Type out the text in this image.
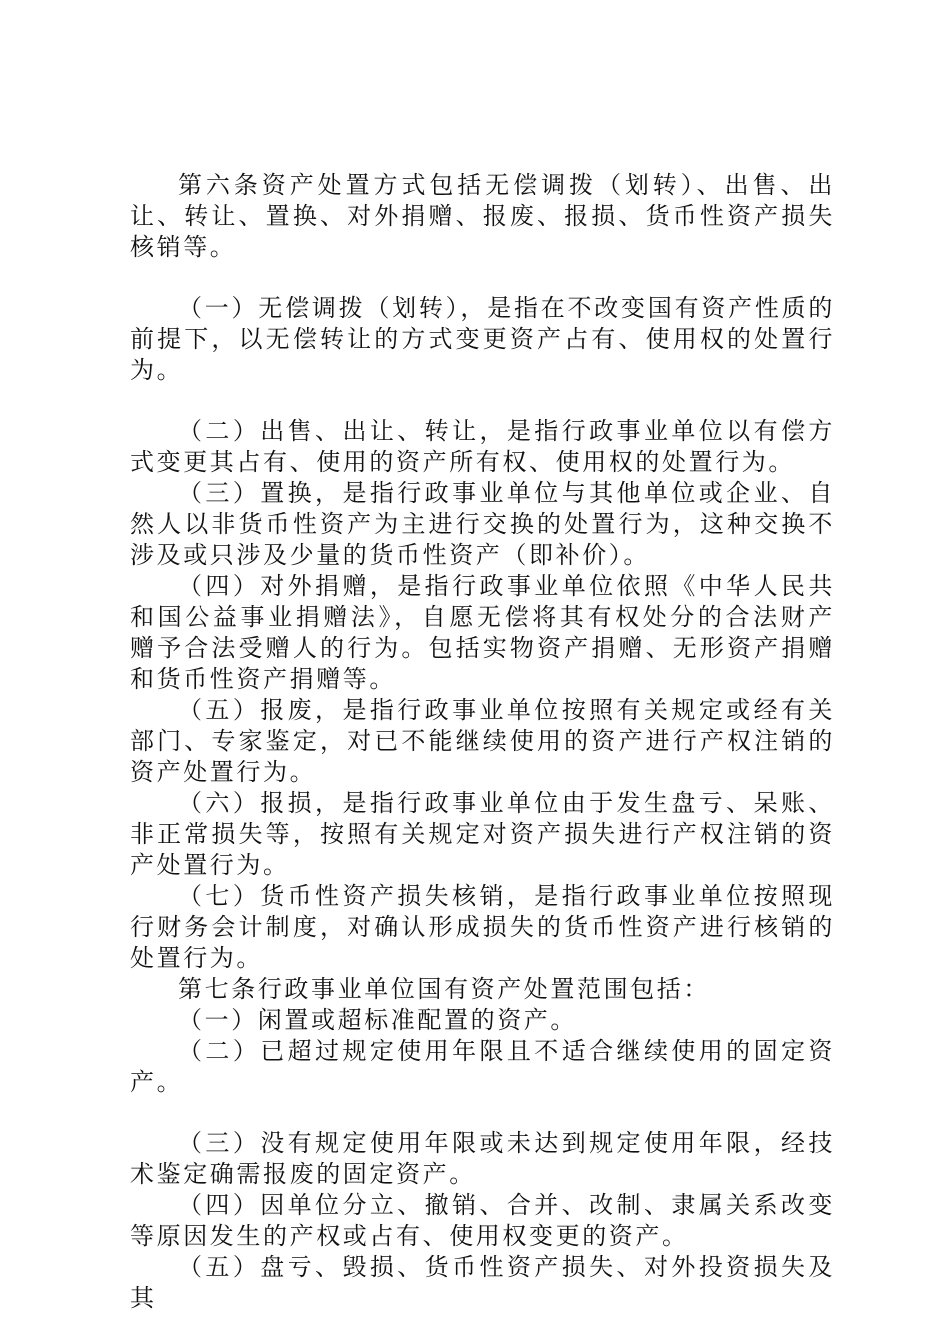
第六条资产处置方式包括无偿调拨（划转）、出售、出让、转让、置换、对外捐赠、报废、报损、货币性资产损失核销等。

（一）无偿调拨（划转），是指在不改变国有资产性质的前提下，以无偿转让的方式变更资产占有、使用权的处置行为。

（二）出售、出让、转让，是指行政事业单位以有偿方式变更其占有、使用的资产所有权、使用权的处置行为。

（三）置换，是指行政事业单位与其他单位或企业、自然人以非货币性资产为主进行交换的处置行为，这种交换不涉及或只涉及少量的货币性资产（即补价）。

（四）对外捐赠，是指行政事业单位依照《中华人民共和国公益事业捐赠法》，自愿无偿将其有权处分的合法财产赠予合法受赠人的行为。包括实物资产捐赠、无形资产捐赠和货币性资产捐赠等。

（五）报废，是指行政事业单位按照有关规定或经有关部门、专家鉴定，对已不能继续使用的资产进行产权注销的资产处置行为。

（六）报损，是指行政事业单位由于发生盘亏、呆账、非正常损失等，按照有关规定对资产损失进行产权注销的资产处置行为。

（七）货币性资产损失核销，是指行政事业单位按照现行财务会计制度，对确认形成损失的货币性资产进行核销的处置行为。

第七条行政事业单位国有资产处置范围包括：

（一）闲置或超标准配置的资产。

（二）已超过规定使用年限且不适合继续使用的固定资产。

（三）没有规定使用年限或未达到规定使用年限，经技术鉴定确需报废的固定资产。

（四）因单位分立、撤销、合并、改制、隶属关系改变等原因发生的产权或占有、使用权变更的资产。

（五）盘亏、毁损、货币性资产损失、对外投资损失及其
